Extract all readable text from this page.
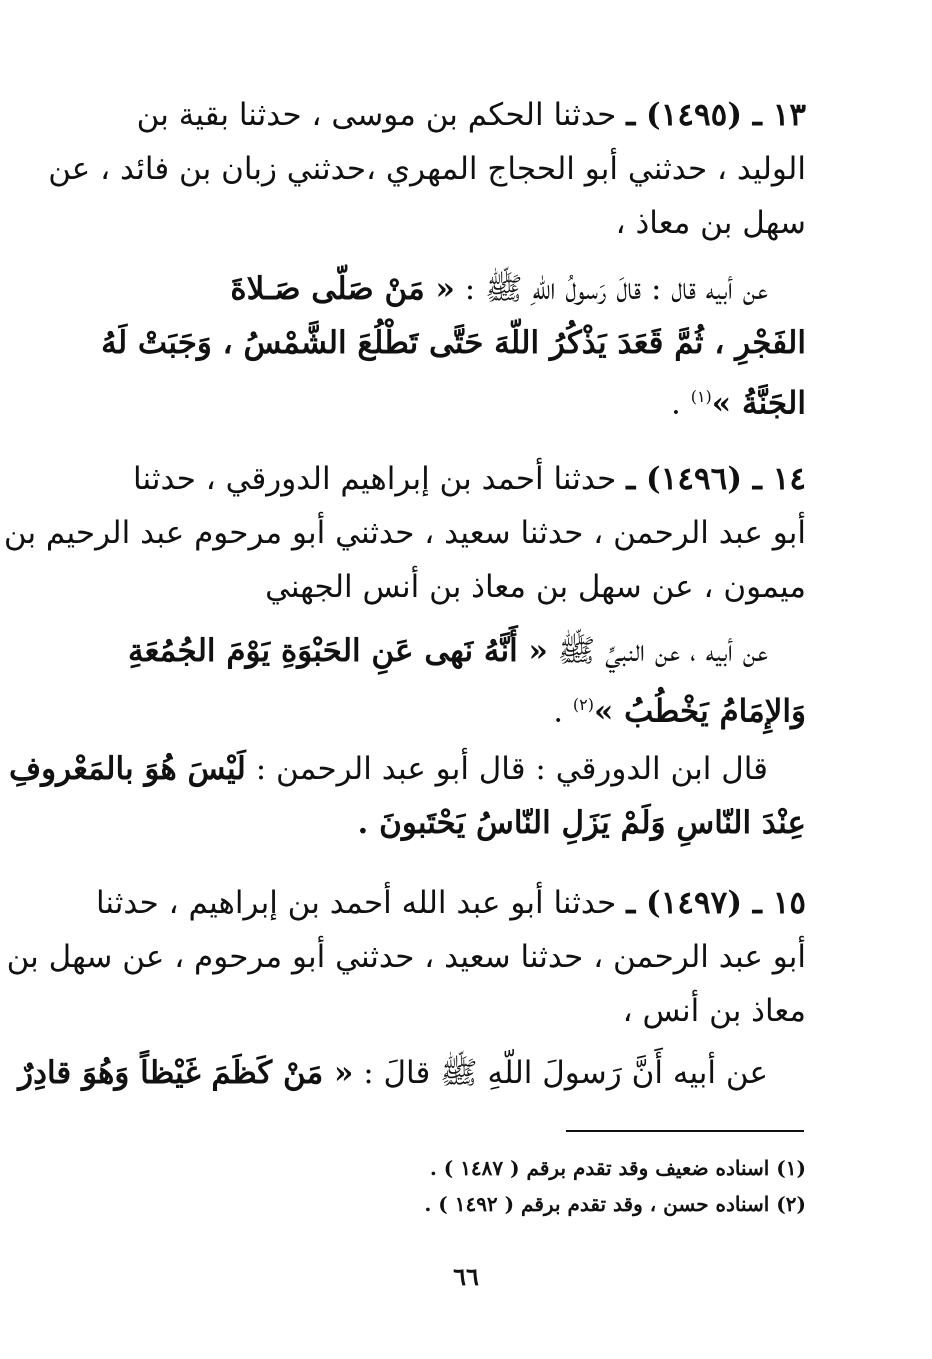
١٣ ـ (١٤٩٥) ـ حدثنا الحكم بن موسى ، حدثنا بقية بن
الوليد ، حدثني أبو الحجاج المهري ،حدثني زبان بن فائد ، عن
سهل بن معاذ ،
عن أبيه قال : قالَ رَسولُ اللّهِ ﷺ : « مَنْ صَلّى صَـلاةَ
الفَجْرِ ، ثُمَّ قَعَدَ يَذْكُرُ اللّهَ حَتَّى تَطْلُعَ الشَّمْسُ ، وَجَبَتْ لَهُ
الجَنَّةُ »$^{(١)}$ .
١٤ ـ (١٤٩٦) ـ حدثنا أحمد بن إبراهيم الدورقي ، حدثنا
أبو عبد الرحمن ، حدثنا سعيد ، حدثني أبو مرحوم عبد الرحيم بن
ميمون ، عن سهل بن معاذ بن أنس الجهني
عن أبيه ، عن النبيِّ ﷺ « أَنَّهُ نَهى عَنِ الحَبْوَةِ يَوْمَ الجُمُعَةِ
وَالإِمَامُ يَخْطُبُ »$^{(٢)}$ .
قال ابن الدورقي : قال أبو عبد الرحمن : لَيْسَ هُوَ بالمَعْروفِ
عِنْدَ النّاسِ وَلَمْ يَزَلِ النّاسُ يَحْتَبونَ .
١٥ ـ (١٤٩٧) ـ حدثنا أبو عبد الله أحمد بن إبراهيم ، حدثنا
أبو عبد الرحمن ، حدثنا سعيد ، حدثني أبو مرحوم ، عن سهل بن
معاذ بن أنس ،
عن أبيه أَنَّ رَسولَ اللّهِ ﷺ قالَ : « مَنْ كَظَمَ غَيْظاً وَهُوَ قادِرٌ
(١) اسناده ضعيف وقد تقدم برقم ( ١٤٨٧ ) .
(٢) اسناده حسن ، وقد تقدم برقم ( ١٤٩٢ ) .
٦٦
